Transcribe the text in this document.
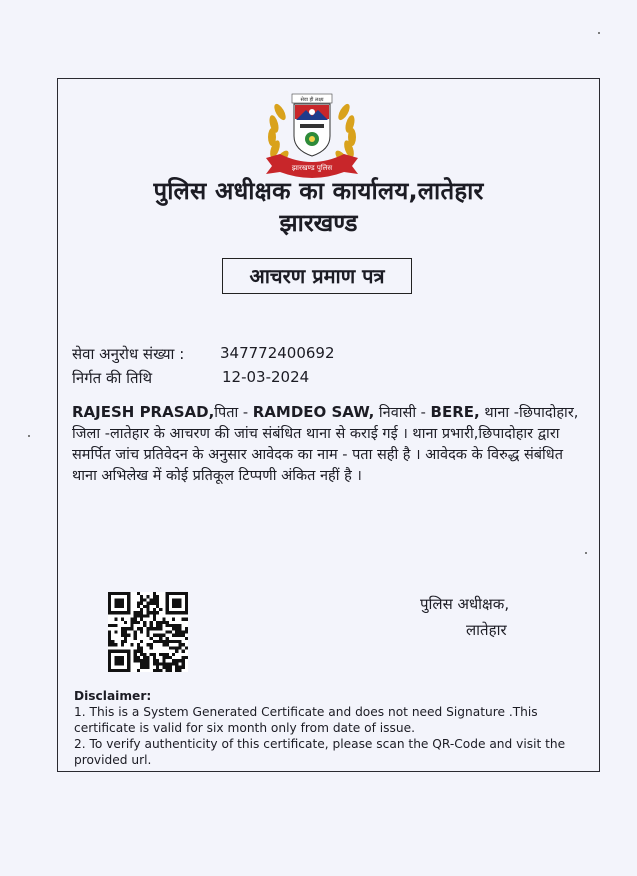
झारखण्ड पुलिस
सेवा ही लक्ष्य
पुलिस अधीक्षक का कार्यालय,लातेहार
झारखण्ड
आचरण प्रमाण पत्र
सेवा अनुरोध संख्या : 347772400692
निर्गत की तिथि	12-03-2024
RAJESH PRASAD,पिता - RAMDEO SAW, निवासी - BERE, थाना -छिपादोहार, जिला -लातेहार के आचरण की जांच संबंधित थाना से कराई गई । थाना प्रभारी,छिपादोहार द्वारा समर्पित जांच प्रतिवेदन के अनुसार आवेदक का नाम - पता सही है । आवेदक के विरुद्ध संबंधित थाना अभिलेख में कोई प्रतिकूल टिप्पणी अंकित नहीं है ।
पुलिस अधीक्षक,
लातेहार
Disclaimer:
1. This is a System Generated Certificate and does not need Signature .This certificate is valid for six month only from date of issue.
2. To verify authenticity of this certificate, please scan the QR-Code and visit the provided url.
